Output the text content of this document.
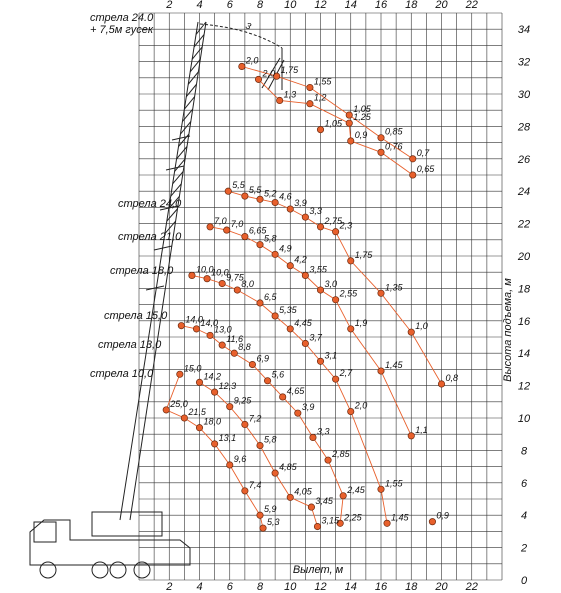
2,0
1,75
1,55
1,05
0,85
0,7
2,0
1,3 1,2
1,25
0,9
0,76
0,65
1,05
5,5 5,5 5,2 4,6
3,9
3,3
2,75
2,3
1,75
1,35
1,0
0,8
7,0 7,0
6,65
5,8
4,9
4,2
3,55
3,0
2,55
1,9
1,45
1,1
10,0
10,0
9,75
8,0
6,5
5,35
4,45
3,7
3,1
2,7
2,0
1,55
1,45
14,0
14,0
13,0
11,6
8,8
6,9
5,6
4,65
3,9
3,3
2,85
2,45
2,25
14,2
12,3
9,25
7,2
5,8
4,85
4,05
3,45
3,15
15,0
25,0
21,5
18,0
13,1
9,6
7,4
5,9
5,3
0,9
2 4 6 8 10 12 14 16 18 20 22
2 4 6 8 10 12 14 16 18 20 22	0
2
4
6
8
10
12
14
16
18
20
22
24
26
28
30
32
34
стрела 24.0
+ 7,5м гусек
стрела 24,0
стрела 21,0
стрела 18,0
стрела 15,0
стрела 13,0
стрела 10,0
Вылет, м
Высота подъема, м
3
